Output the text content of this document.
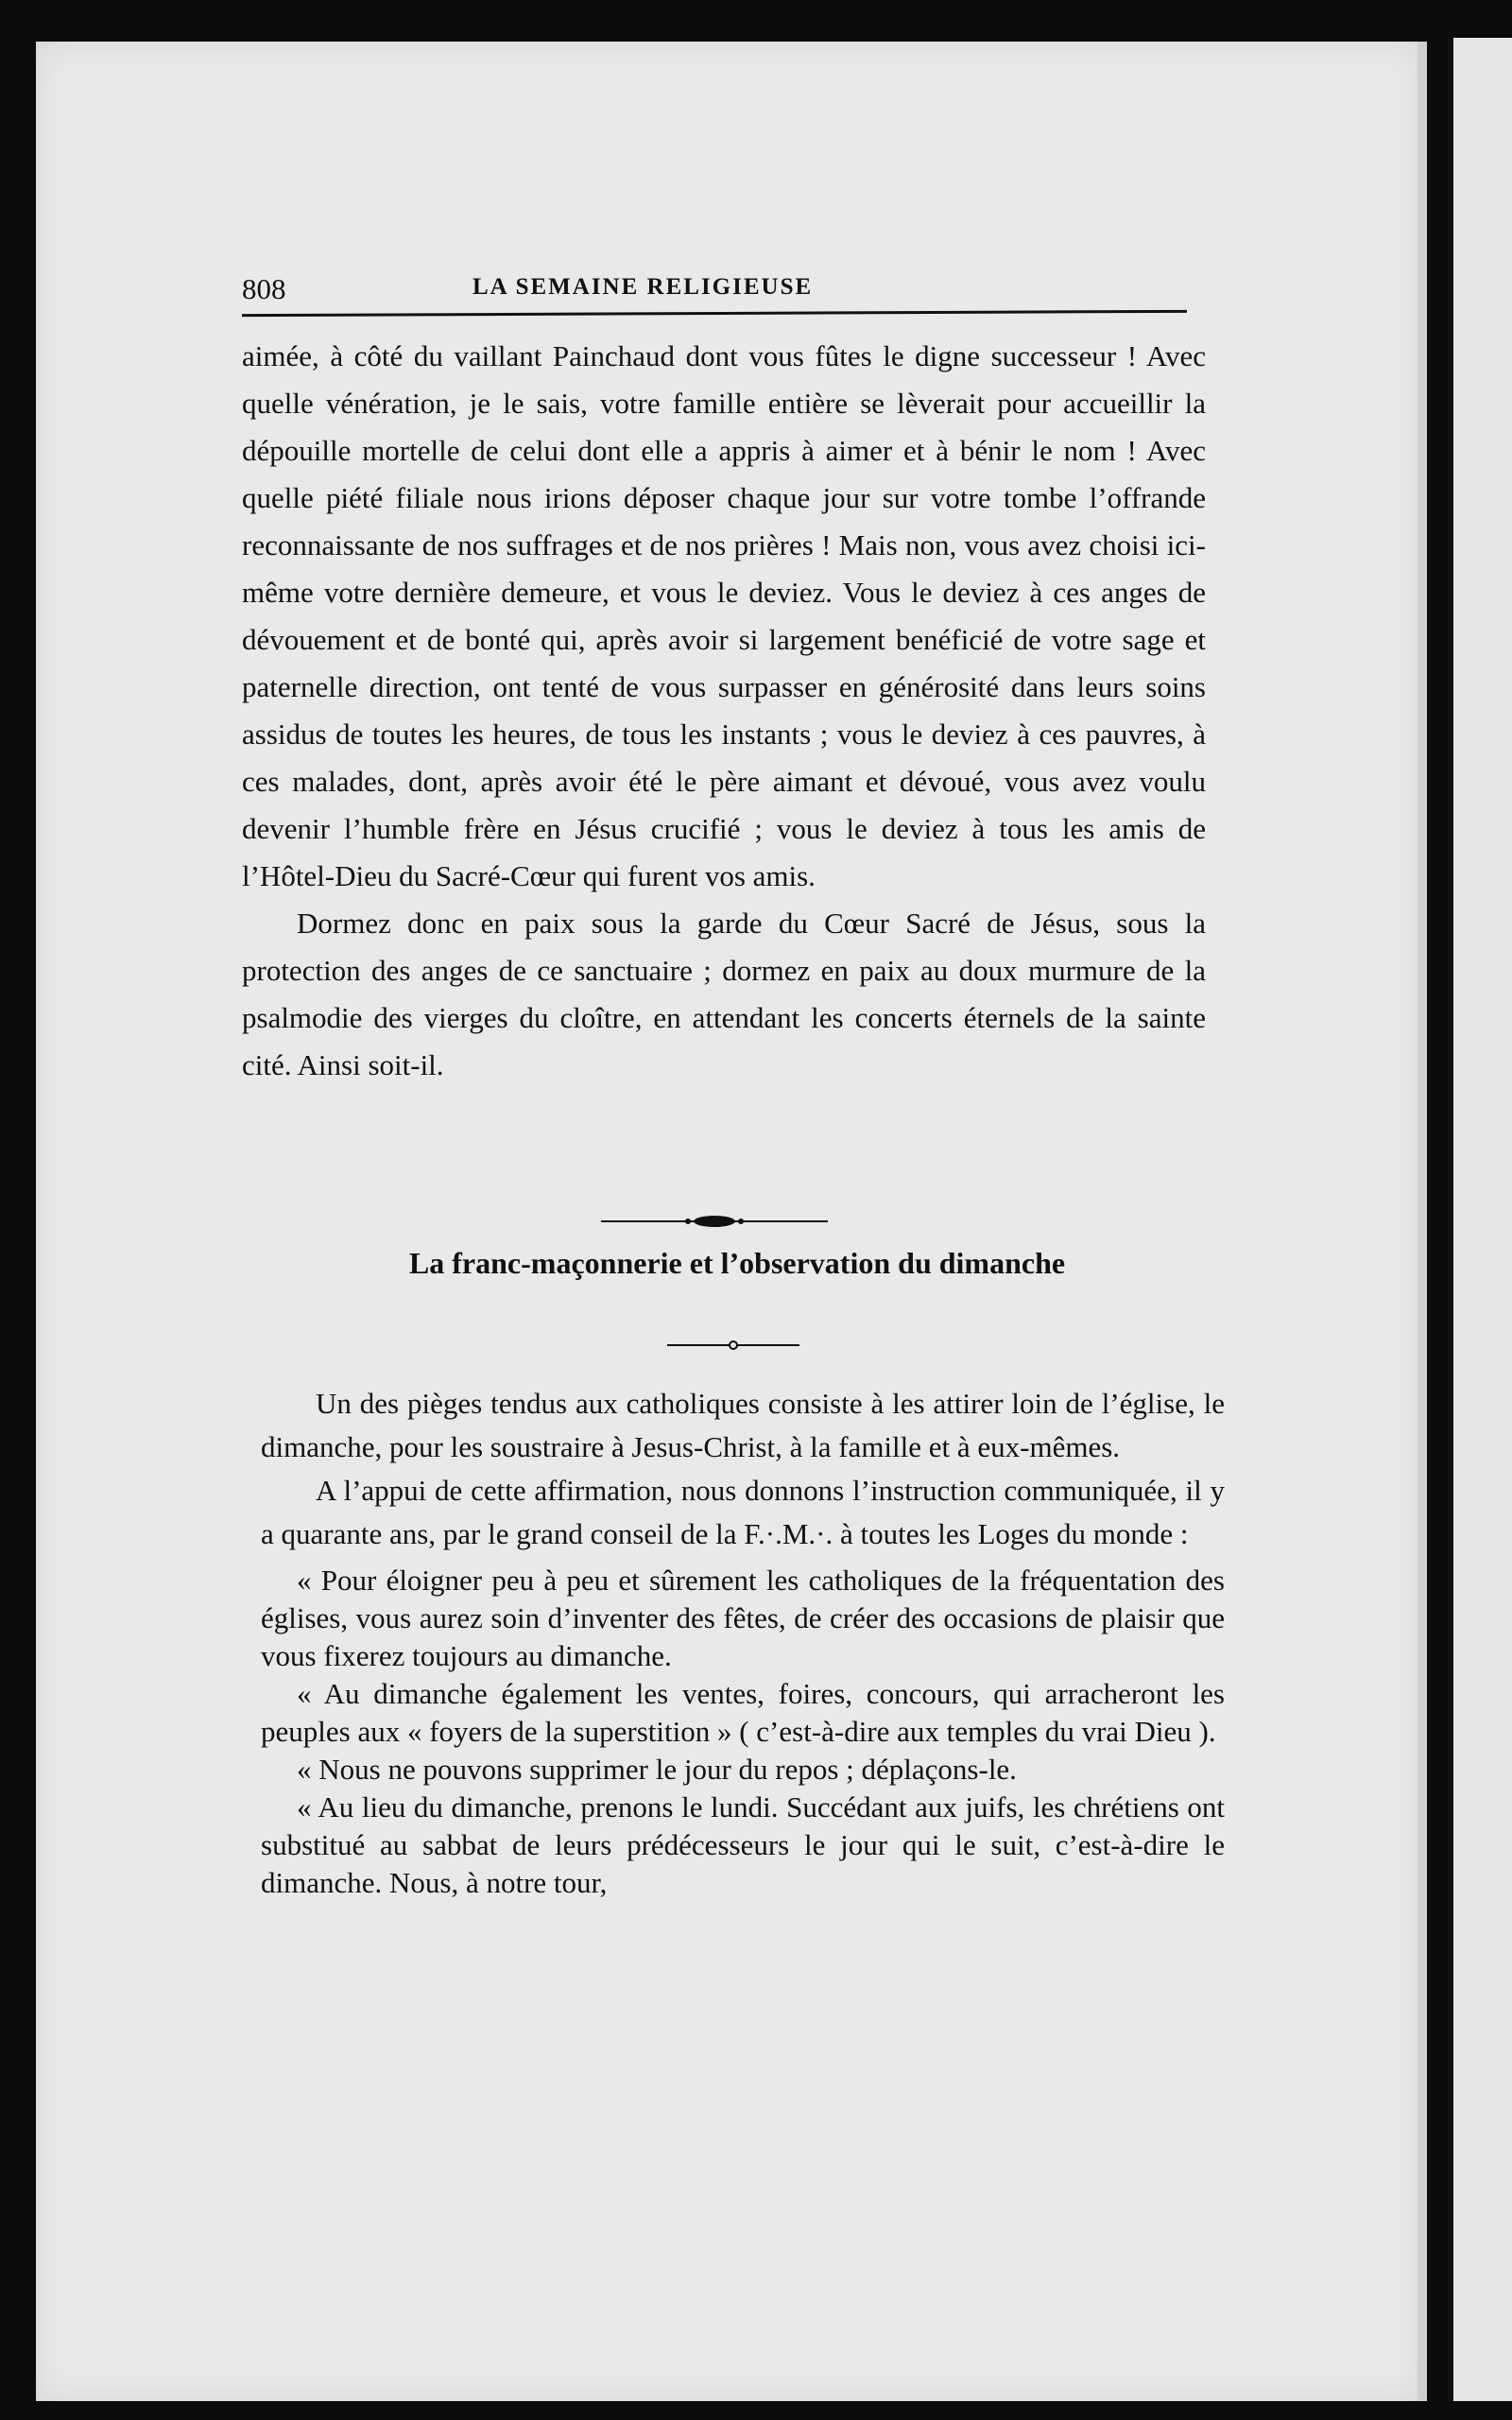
808	LA SEMAINE RELIGIEUSE

aimée, à côté du vaillant Painchaud dont vous fûtes le digne successeur ! Avec quelle vénération, je le sais, votre famille entière se lèverait pour accueillir la dépouille mortelle de celui dont elle a appris à aimer et à bénir le nom ! Avec quelle piété filiale nous irions déposer chaque jour sur votre tombe l’offrande reconnaissante de nos suffrages et de nos prières ! Mais non, vous avez choisi ici-même votre dernière demeure, et vous le deviez. Vous le deviez à ces anges de dévouement et de bonté qui, après avoir si largement benéficié de votre sage et paternelle direction, ont tenté de vous surpasser en générosité dans leurs soins assidus de toutes les heures, de tous les instants ; vous le deviez à ces pauvres, à ces malades, dont, après avoir été le père aimant et dévoué, vous avez voulu devenir l’humble frère en Jésus crucifié ; vous le deviez à tous les amis de l’Hôtel-Dieu du Sacré-Cœur qui furent vos amis.

Dormez donc en paix sous la garde du Cœur Sacré de Jésus, sous la protection des anges de ce sanctuaire ; dormez en paix au doux murmure de la psalmodie des vierges du cloître, en attendant les concerts éternels de la sainte cité. Ainsi soit-il.

La franc-maçonnerie et l’observation du dimanche

Un des pièges tendus aux catholiques consiste à les attirer loin de l’église, le dimanche, pour les soustraire à Jesus-Christ, à la famille et à eux-mêmes.

A l’appui de cette affirmation, nous donnons l’instruction communiquée, il y a quarante ans, par le grand conseil de la F.·.M.·. à toutes les Loges du monde :

« Pour éloigner peu à peu et sûrement les catholiques de la fréquentation des églises, vous aurez soin d’inventer des fêtes, de créer des occasions de plaisir que vous fixerez toujours au dimanche.

« Au dimanche également les ventes, foires, concours, qui arracheront les peuples aux « foyers de la superstition » ( c’est-à-dire aux temples du vrai Dieu ).

« Nous ne pouvons supprimer le jour du repos ; déplaçons-le.

« Au lieu du dimanche, prenons le lundi. Succédant aux juifs, les chrétiens ont substitué au sabbat de leurs prédécesseurs le jour qui le suit, c’est-à-dire le dimanche. Nous, à notre tour,
